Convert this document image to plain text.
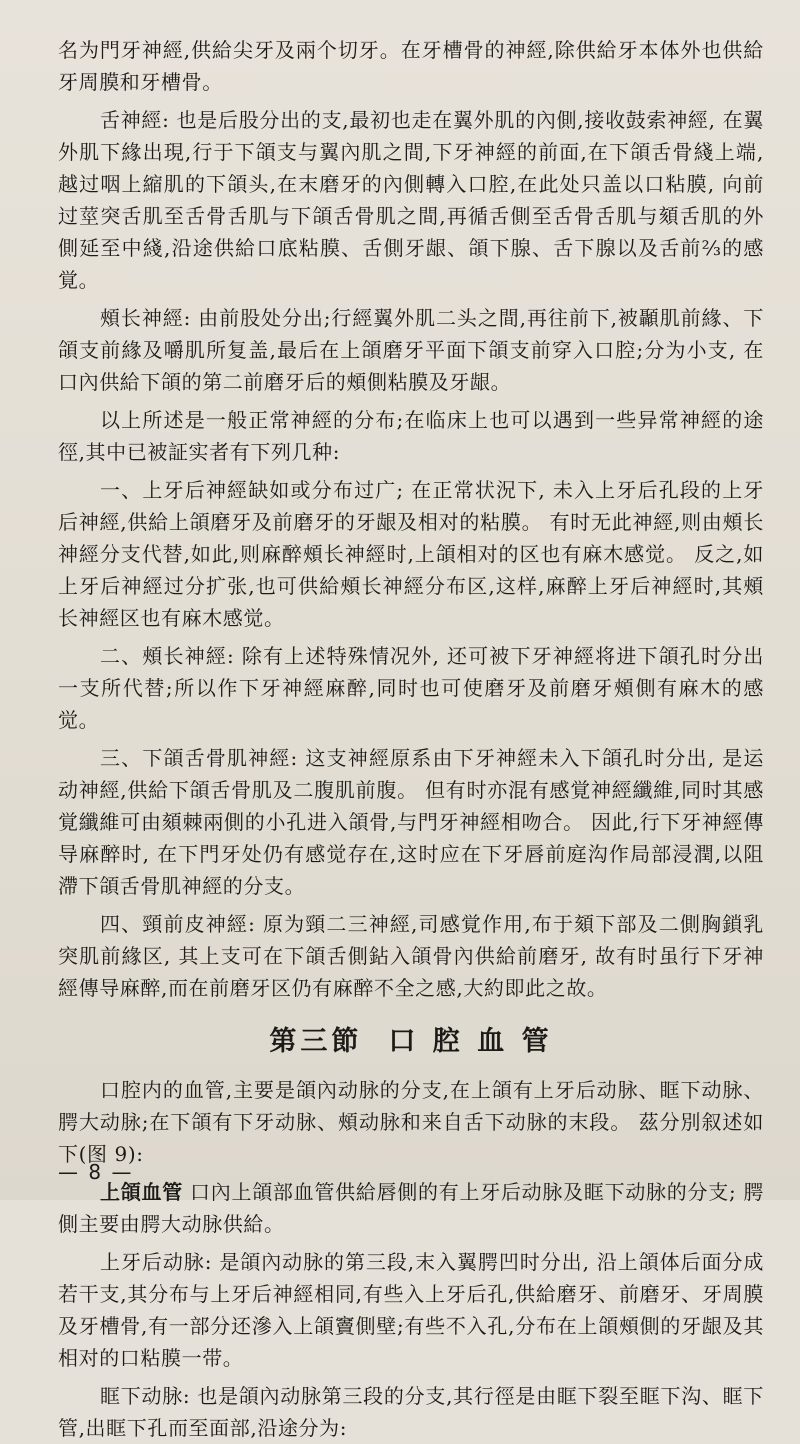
名为門牙神經,供給尖牙及兩个切牙。在牙槽骨的神經,除供給牙本体外也供給牙周膜和牙槽骨。

舌神經: 也是后股分出的支,最初也走在翼外肌的內側,接收鼓索神經, 在翼外肌下緣出現,行于下頜支与翼內肌之間,下牙神經的前面,在下頜舌骨綫上端,越过咽上縮肌的下頜头,在末磨牙的內側轉入口腔,在此处只盖以口粘膜, 向前过莖突舌肌至舌骨舌肌与下頜舌骨肌之間,再循舌側至舌骨舌肌与頦舌肌的外側延至中綫,沿途供給口底粘膜、舌側牙龈、頜下腺、舌下腺以及舌前⅔的感覚。

頰长神經: 由前股处分出;行經翼外肌二头之間,再往前下,被顳肌前緣、下頜支前緣及嚼肌所复盖,最后在上頜磨牙平面下頜支前穿入口腔;分为小支, 在口內供給下頜的第二前磨牙后的頰側粘膜及牙龈。

以上所述是一般正常神經的分布;在临床上也可以遇到一些异常神經的途徑,其中已被証实者有下列几种:

一、上牙后神經缺如或分布过广; 在正常状況下, 未入上牙后孔段的上牙后神經,供給上頜磨牙及前磨牙的牙龈及相对的粘膜。 有时无此神經,则由頰长神經分支代替,如此,则麻醉頰长神經时,上頜相对的区也有麻木感觉。 反之,如上牙后神經过分扩张,也可供給頰长神經分布区,这样,麻醉上牙后神經时,其頰长神經区也有麻木感觉。

二、頰长神經: 除有上述特殊情况外, 还可被下牙神經将进下頜孔时分出一支所代替;所以作下牙神經麻醉,同时也可使磨牙及前磨牙頰側有麻木的感觉。

三、下頜舌骨肌神經: 这支神經原系由下牙神經未入下頜孔时分出, 是运动神經,供給下頜舌骨肌及二腹肌前腹。 但有时亦混有感覚神經纖維,同时其感覚纖維可由頦棘兩側的小孔进入頜骨,与門牙神經相吻合。 因此,行下牙神經傳导麻醉时, 在下門牙处仍有感觉存在,这时应在下牙唇前庭沟作局部浸潤,以阻滯下頜舌骨肌神經的分支。

四、頸前皮神經: 原为頸二三神經,司感覚作用,布于頦下部及二側胸鎖乳突肌前緣区, 其上支可在下頜舌側鉆入頜骨內供給前磨牙, 故有时虽行下牙神經傳导麻醉,而在前磨牙区仍有麻醉不全之感,大約即此之故。

第三節 口 腔 血 管

口腔内的血管,主要是頜內动脉的分支,在上頜有上牙后动脉、眶下动脉、腭大动脉;在下頜有下牙动脉、頰动脉和来自舌下动脉的末段。 茲分別叙述如下(图 9):

上頜血管 口內上頜部血管供給唇側的有上牙后动脉及眶下动脉的分支; 腭側主要由腭大动脉供給。

上牙后动脉: 是頜內动脉的第三段,末入翼腭凹时分出, 沿上頜体后面分成若干支,其分布与上牙后神經相同,有些入上牙后孔,供給磨牙、前磨牙、牙周膜及牙槽骨,有一部分还滲入上頜竇側壁;有些不入孔,分布在上頜頰側的牙龈及其相对的口粘膜一带。

眶下动脉: 也是頜內动脉第三段的分支,其行徑是由眶下裂至眶下沟、眶下管,出眶下孔而至面部,沿途分为:

— 8 —
